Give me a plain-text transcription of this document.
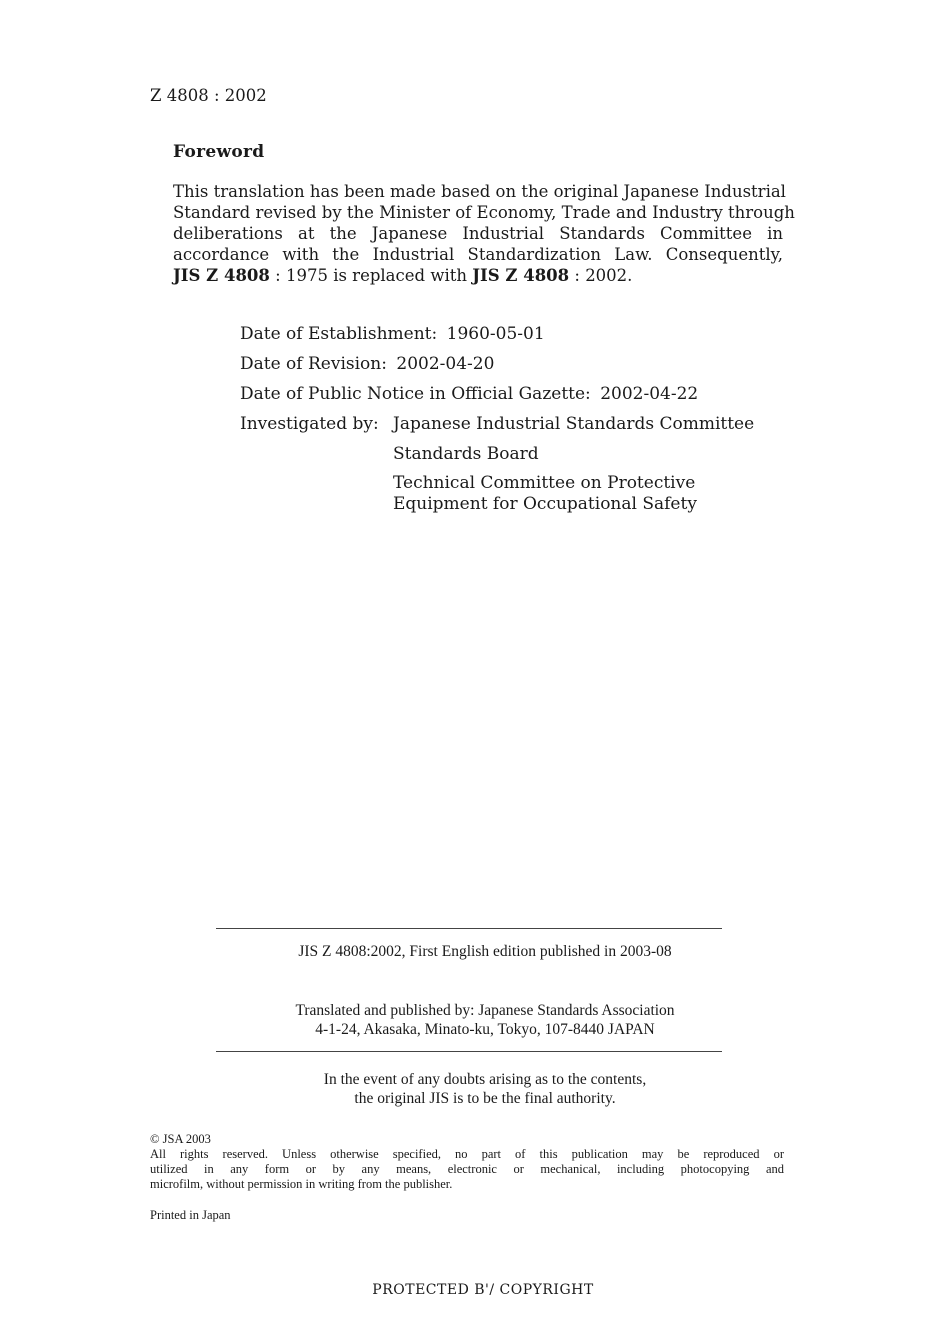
Z 4808 : 2002
Foreword
This translation has been made based on the original Japanese Industrial
Standard revised by the Minister of Economy, Trade and Industry through
deliberations at the Japanese Industrial Standards Committee in
accordance with the Industrial Standardization Law. Consequently,
JIS Z 4808 : 1975 is replaced with JIS Z 4808 : 2002.
Date of Establishment: 1960-05-01
Date of Revision: 2002-04-20
Date of Public Notice in Official Gazette: 2002-04-22
Investigated by: Japanese Industrial Standards Committee
Standards Board
Technical Committee on Protective
Equipment for Occupational Safety
JIS Z 4808:2002, First English edition published in 2003-08
Translated and published by: Japanese Standards Association
4-1-24, Akasaka, Minato-ku, Tokyo, 107-8440 JAPAN
In the event of any doubts arising as to the contents,
the original JIS is to be the final authority.
© JSA 2003
All rights reserved. Unless otherwise specified, no part of this publication may be reproduced or
utilized in any form or by any means, electronic or mechanical, including photocopying and
microfilm, without permission in writing from the publisher.
Printed in Japan
PROTECTED B'/ COPYRIGHT
